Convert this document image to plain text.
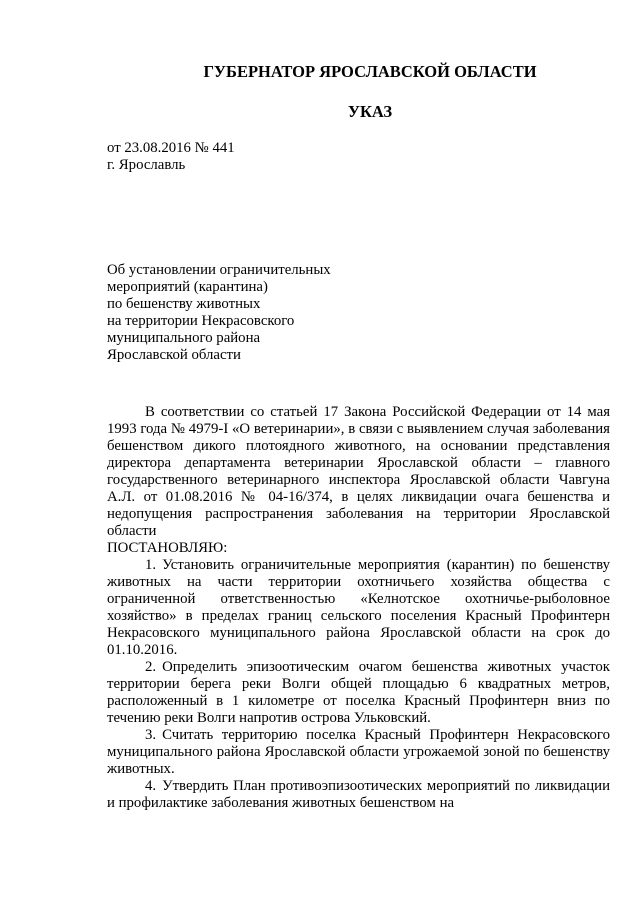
ГУБЕРНАТОР ЯРОСЛАВСКОЙ ОБЛАСТИ
УКАЗ
от 23.08.2016 № 441
г. Ярославль
Об установлении ограничительных
мероприятий (карантина)
по бешенству животных
на территории Некрасовского
муниципального района
Ярославской области

В соответствии со статьей 17 Закона Российской Федерации от 14 мая 1993 года № 4979-I «О ветеринарии», в связи с выявлением случая заболевания бешенством дикого плотоядного животного, на основании представления директора департамента ветеринарии Ярославской области – главного государственного ветеринарного инспектора Ярославской области Чавгуна А.Л. от 01.08.2016 № 04-16/374, в целях ликвидации очага бешенства и недопущения распространения заболевания на территории Ярославской области

ПОСТАНОВЛЯЮ:

1. Установить ограничительные мероприятия (карантин) по бешенству животных на части территории охотничьего хозяйства общества с ограниченной ответственностью «Келнотское охотничье-рыболовное хозяйство» в пределах границ сельского поселения Красный Профинтерн Некрасовского муниципального района Ярославской области на срок до 01.10.2016.

2. Определить эпизоотическим очагом бешенства животных участок территории берега реки Волги общей площадью 6 квадратных метров, расположенный в 1 километре от поселка Красный Профинтерн вниз по течению реки Волги напротив острова Ульковский.

3. Считать территорию поселка Красный Профинтерн Некрасовского муниципального района Ярославской области угрожаемой зоной по бешенству животных.

4. Утвердить План противоэпизоотических мероприятий по ликвидации и профилактике заболевания животных бешенством на
